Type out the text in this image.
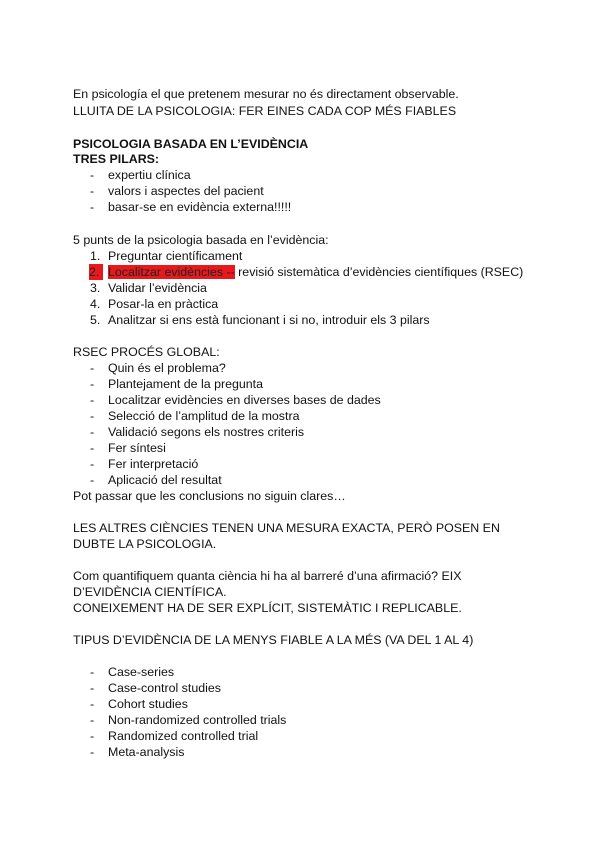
En psicología el que pretenem mesurar no és directament observable.
LLUITA DE LA PSICOLOGIA: FER EINES CADA COP MÉS FIABLES
PSICOLOGIA BASADA EN L’EVIDÈNCIA
TRES PILARS:
- expertiu clínica
- valors i aspectes del pacient
- basar-se en evidència externa!!!!!
5 punts de la psicologia basada en l’evidència:
1. Preguntar científicament
2. Localitzar evidències -- revisió sistemàtica d’evidències científiques (RSEC)
3. Validar l’evidència
4. Posar-la en pràctica
5. Analitzar si ens està funcionant i si no, introduir els 3 pilars
RSEC PROCÉS GLOBAL:
- Quin és el problema?
- Plantejament de la pregunta
- Localitzar evidències en diverses bases de dades
- Selecció de l’amplitud de la mostra
- Validació segons els nostres criteris
- Fer síntesi
- Fer interpretació
- Aplicació del resultat
Pot passar que les conclusions no siguin clares…
LES ALTRES CIÈNCIES TENEN UNA MESURA EXACTA, PERÒ POSEN EN
DUBTE LA PSICOLOGIA.
Com quantifiquem quanta ciència hi ha al barreré d’una afirmació? EIX
D’EVIDÈNCIA CIENTÍFICA.
CONEIXEMENT HA DE SER EXPLÍCIT, SISTEMÀTIC I REPLICABLE.
TIPUS D’EVIDÈNCIA DE LA MENYS FIABLE A LA MÉS (VA DEL 1 AL 4)
- Case-series
- Case-control studies
- Cohort studies
- Non-randomized controlled trials
- Randomized controlled trial
- Meta-analysis
